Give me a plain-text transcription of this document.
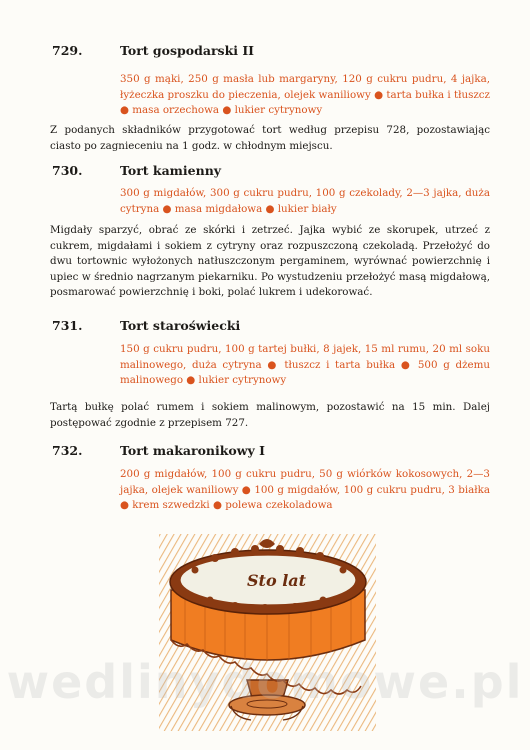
729.	Tort gospodarski II
350 g mąki, 250 g masła lub margaryny, 120 g cukru pudru, 4 jajka, łyżeczka proszku do pieczenia, olejek waniliowy ● tarta bułka i tłuszcz ● masa orzechowa ● lukier cytrynowy
Z podanych składników przygotować tort według przepisu 728, pozostawiając ciasto po zagnieceniu na 1 godz. w chłodnym miejscu.
730.	Tort kamienny
300 g migdałów, 300 g cukru pudru, 100 g czekolady, 2—3 jajka, duża cytryna ● masa migdałowa ● lukier biały
Migdały sparzyć, obrać ze skórki i zetrzeć. Jajka wybić ze skorupek, utrzeć z cukrem, migdałami i sokiem z cytryny oraz rozpuszczoną czekoladą. Przełożyć do dwu tortownic wyłożonych natłuszczonym pergaminem, wyrównać powierzchnię i upiec w średnio nagrzanym piekarniku. Po wystudzeniu przełożyć masą migdałową, posmarować powierzchnię i boki, polać lukrem i udekorować.
731.	Tort staroświecki
150 g cukru pudru, 100 g tartej bułki, 8 jajek, 15 ml rumu, 20 ml soku malinowego, duża cytryna ● tłuszcz i tarta bułka ● 500 g dżemu malinowego ● lukier cytrynowy
Tartą bułkę polać rumem i sokiem malinowym, pozostawić na 15 min. Dalej postępować zgodnie z przepisem 727.
732.	Tort makaronikowy I
200 g migdałów, 100 g cukru pudru, 50 g wiórków kokosowych, 2—3 jajka, olejek waniliowy ● 100 g migdałów, 100 g cukru pudru, 3 białka ● krem szwedzki ● polewa czekoladowa
Sto lat
wedlinydomowe.pl
